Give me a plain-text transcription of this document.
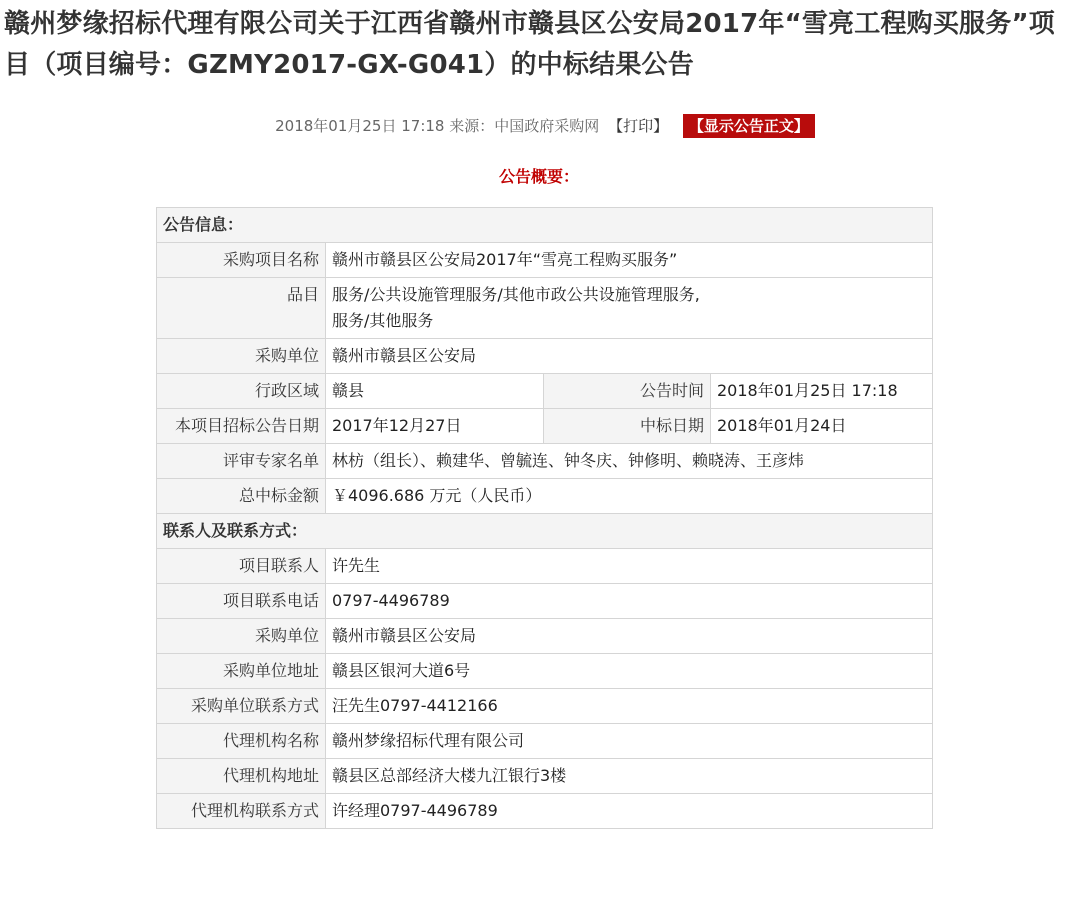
赣州梦缘招标代理有限公司关于江西省赣州市赣县区公安局2017年“雪亮工程购买服务”项目（项目编号：GZMY2017-GX-G041）的中标结果公告
2018年01月25日 17:18 来源：中国政府采购网 【打印】 【显示公告正文】
公告概要：
公告信息：			
采购项目名称	赣州市赣县区公安局2017年“雪亮工程购买服务”		
品目	服务/公共设施管理服务/其他市政公共设施管理服务,
服务/其他服务		

采购单位	赣州市赣县区公安局		
行政区域	赣县	公告时间	2018年01月25日 17:18
本项目招标公告日期	2017年12月27日	中标日期	2018年01月24日
评审专家名单	林枋（组长）、赖建华、曾毓连、钟冬庆、钟修明、赖晓涛、王彦炜		
总中标金额	￥4096.686 万元（人民币）		
联系人及联系方式：			
项目联系人	许先生		
项目联系电话	0797-4496789		
采购单位	赣州市赣县区公安局		
采购单位地址	赣县区银河大道6号		
采购单位联系方式	汪先生0797-4412166		
代理机构名称	赣州梦缘招标代理有限公司		
代理机构地址	赣县区总部经济大楼九江银行3楼		
代理机构联系方式	许经理0797-4496789		
